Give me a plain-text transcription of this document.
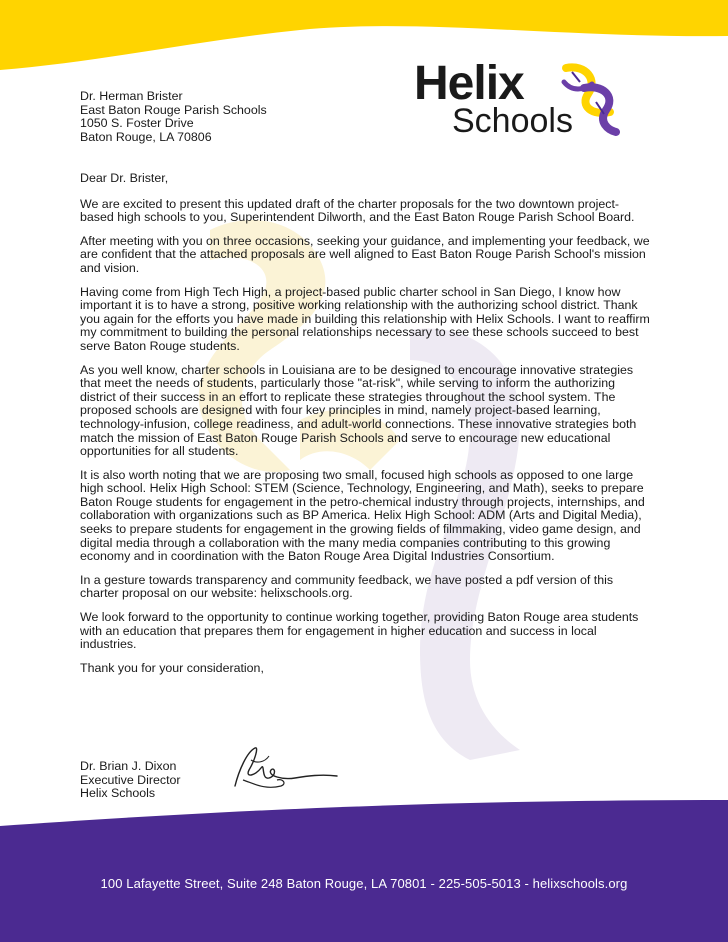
Helix
Schools
Dr. Herman Brister
East Baton Rouge Parish Schools
1050 S. Foster Drive
Baton Rouge, LA 70806

Dear Dr. Brister,

We are excited to present this updated draft of the charter proposals for the two downtown project-based high schools to you, Superintendent Dilworth, and the East Baton Rouge Parish School Board.

After meeting with you on three occasions, seeking your guidance, and implementing your feedback, we are confident that the attached proposals are well aligned to East Baton Rouge Parish School's mission and vision.

Having come from High Tech High, a project-based public charter school in San Diego, I know how important it is to have a strong, positive working relationship with the authorizing school district. Thank you again for the efforts you have made in building this relationship with Helix Schools. I want to reaffirm my commitment to building the personal relationships necessary to see these schools succeed to best serve Baton Rouge students.

As you well know, charter schools in Louisiana are to be designed to encourage innovative strategies that meet the needs of students, particularly those "at-risk", while serving to inform the authorizing district of their success in an effort to replicate these strategies throughout the school system. The proposed schools are designed with four key principles in mind, namely project-based learning, technology-infusion, college readiness, and adult-world connections. These innovative strategies both match the mission of East Baton Rouge Parish Schools and serve to encourage new educational opportunities for all students.

It is also worth noting that we are proposing two small, focused high schools as opposed to one large high school. Helix High School: STEM (Science, Technology, Engineering, and Math), seeks to prepare Baton Rouge students for engagement in the petro-chemical industry through projects, internships, and collaboration with organizations such as BP America. Helix High School: ADM (Arts and Digital Media), seeks to prepare students for engagement in the growing fields of filmmaking, video game design, and digital media through a collaboration with the many media companies contributing to this growing economy and in coordination with the Baton Rouge Area Digital Industries Consortium.

In a gesture towards transparency and community feedback, we have posted a pdf version of this charter proposal on our website: helixschools.org.

We look forward to the opportunity to continue working together, providing Baton Rouge area students with an education that prepares them for engagement in higher education and success in local industries.

Thank you for your consideration,

Dr. Brian J. Dixon
Executive Director
Helix Schools
100 Lafayette Street, Suite 248 Baton Rouge, LA 70801 - 225-505-5013 - helixschools.org
